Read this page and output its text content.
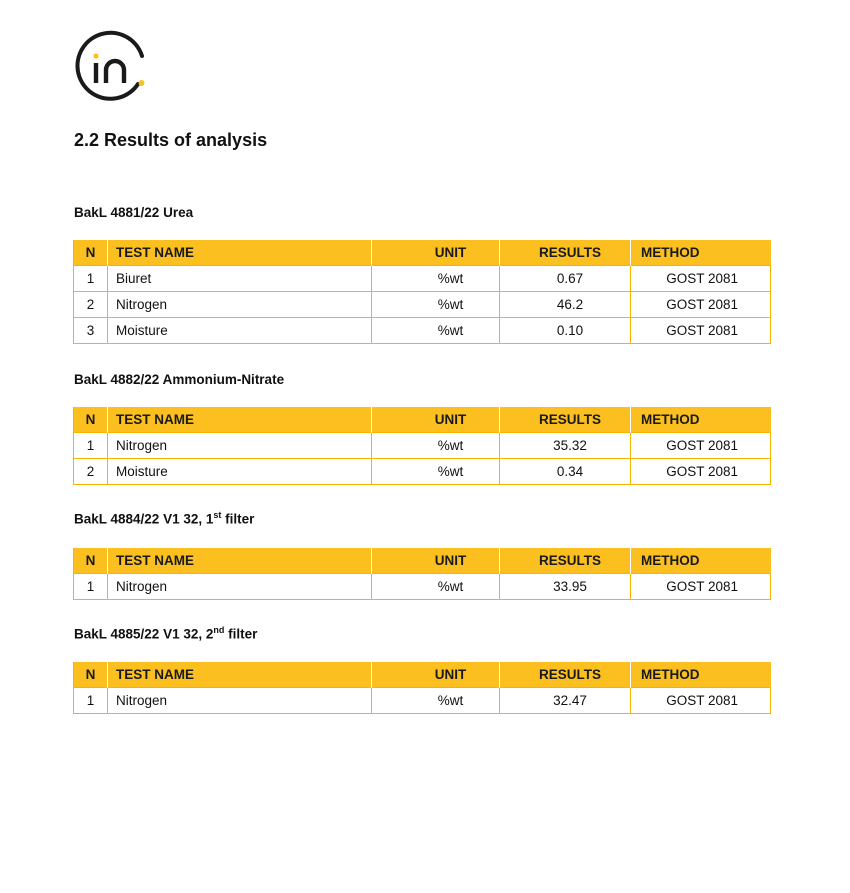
2.2 Results of analysis

BakL 4881/22 Urea

N	TEST NAME	UNIT	RESULTS	METHOD
1	Biuret	%wt	0.67	GOST 2081
2	Nitrogen	%wt	46.2	GOST 2081
3	Moisture	%wt	0.10	GOST 2081

BakL 4882/22 Ammonium-Nitrate

N	TEST NAME	UNIT	RESULTS	METHOD
1	Nitrogen	%wt	35.32	GOST 2081
2	Moisture	%wt	0.34	GOST 2081

BakL 4884/22 V1 32, 1st filter

N	TEST NAME	UNIT	RESULTS	METHOD
1	Nitrogen	%wt	33.95	GOST 2081

BakL 4885/22 V1 32, 2nd filter

N	TEST NAME	UNIT	RESULTS	METHOD
1	Nitrogen	%wt	32.47	GOST 2081
